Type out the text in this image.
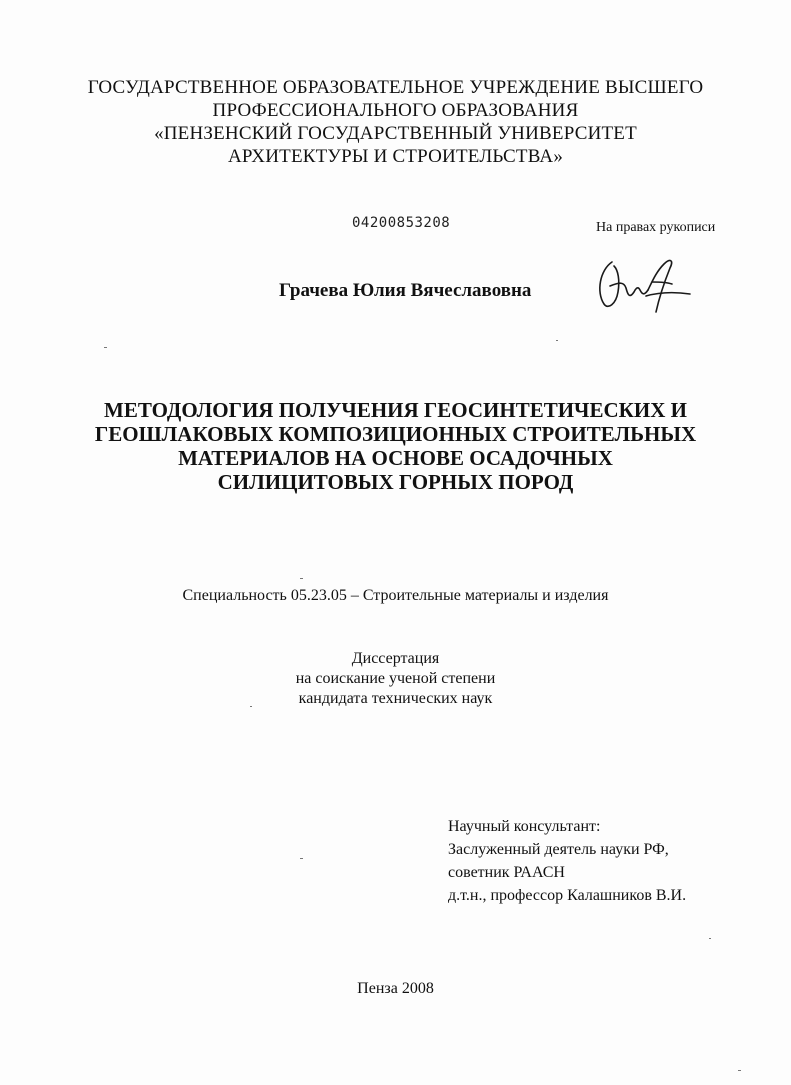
ГОСУДАРСТВЕННОЕ ОБРАЗОВАТЕЛЬНОЕ УЧРЕЖДЕНИЕ ВЫСШЕГО
ПРОФЕССИОНАЛЬНОГО ОБРАЗОВАНИЯ
«ПЕНЗЕНСКИЙ ГОСУДАРСТВЕННЫЙ УНИВЕРСИТЕТ
АРХИТЕКТУРЫ И СТРОИТЕЛЬСТВА»
04200853208	На правах рукописи
Грачева Юлия Вячеславовна
МЕТОДОЛОГИЯ ПОЛУЧЕНИЯ ГЕОСИНТЕТИЧЕСКИХ И
ГЕОШЛАКОВЫХ КОМПОЗИЦИОННЫХ СТРОИТЕЛЬНЫХ
МАТЕРИАЛОВ НА ОСНОВЕ ОСАДОЧНЫХ
СИЛИЦИТОВЫХ ГОРНЫХ ПОРОД
Специальность 05.23.05 – Строительные материалы и изделия
Диссертация
на соискание ученой степени
кандидата технических наук
Научный консультант:
Заслуженный деятель науки РФ,
советник РААСН
д.т.н., профессор Калашников В.И.
Пенза 2008
